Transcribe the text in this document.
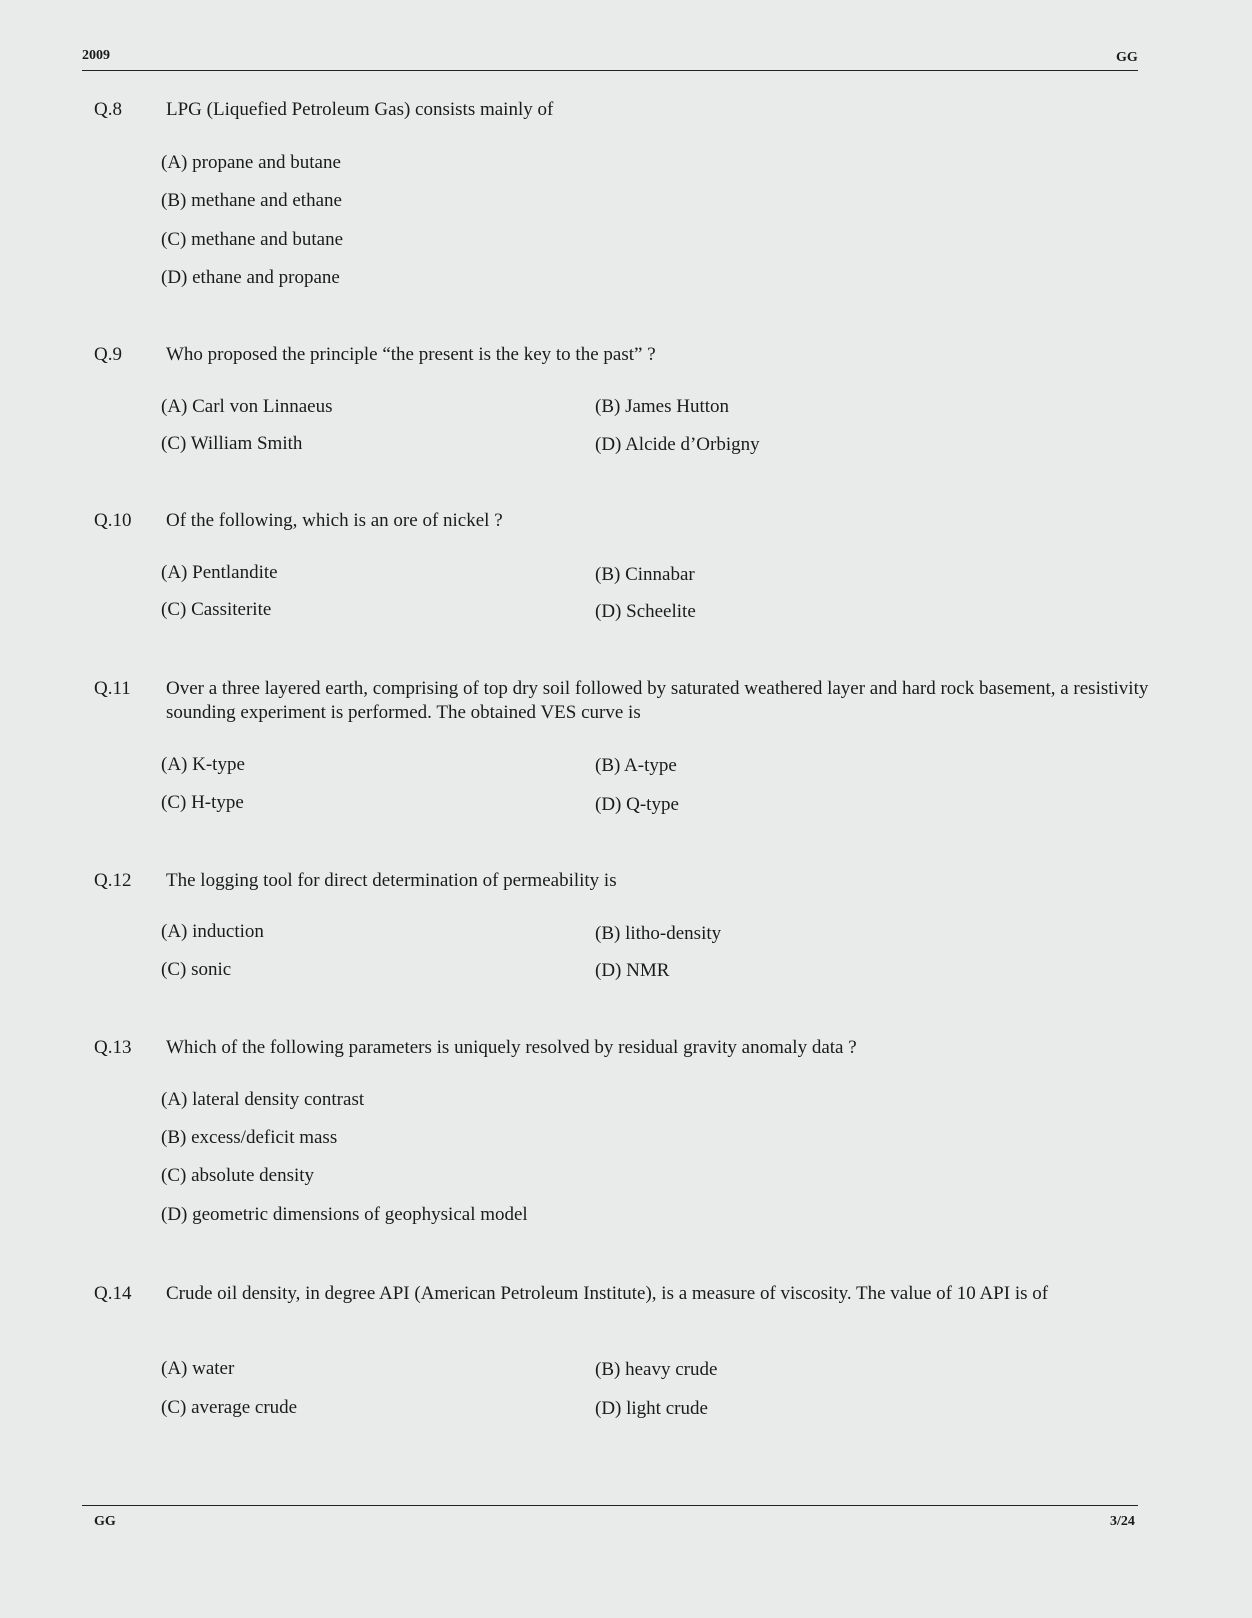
2009	GG
Q.8 LPG (Liquefied Petroleum Gas) consists mainly of
(A) propane and butane
(B) methane and ethane
(C) methane and butane
(D) ethane and propane
Q.9 Who proposed the principle “the present is the key to the past” ?
(A) Carl von Linnaeus	(B) James Hutton
(C) William Smith	(D) Alcide d’Orbigny
Q.10 Of the following, which is an ore of nickel ?
(A) Pentlandite	(B) Cinnabar
(C) Cassiterite	(D) Scheelite
Q.11 Over a three layered earth, comprising of top dry soil followed by saturated weathered layer and hard rock basement, a resistivity sounding experiment is performed. The obtained VES curve is
(A) K-type	(B) A-type
(C) H-type	(D) Q-type
Q.12 The logging tool for direct determination of permeability is
(A) induction	(B) litho-density
(C) sonic	(D) NMR
Q.13 Which of the following parameters is uniquely resolved by residual gravity anomaly data ?
(A) lateral density contrast
(B) excess/deficit mass
(C) absolute density
(D) geometric dimensions of geophysical model
Q.14 Crude oil density, in degree API (American Petroleum Institute), is a measure of viscosity. The value of 10 API is of
(A) water	(B) heavy crude
(C) average crude	(D) light crude
GG	3/24
